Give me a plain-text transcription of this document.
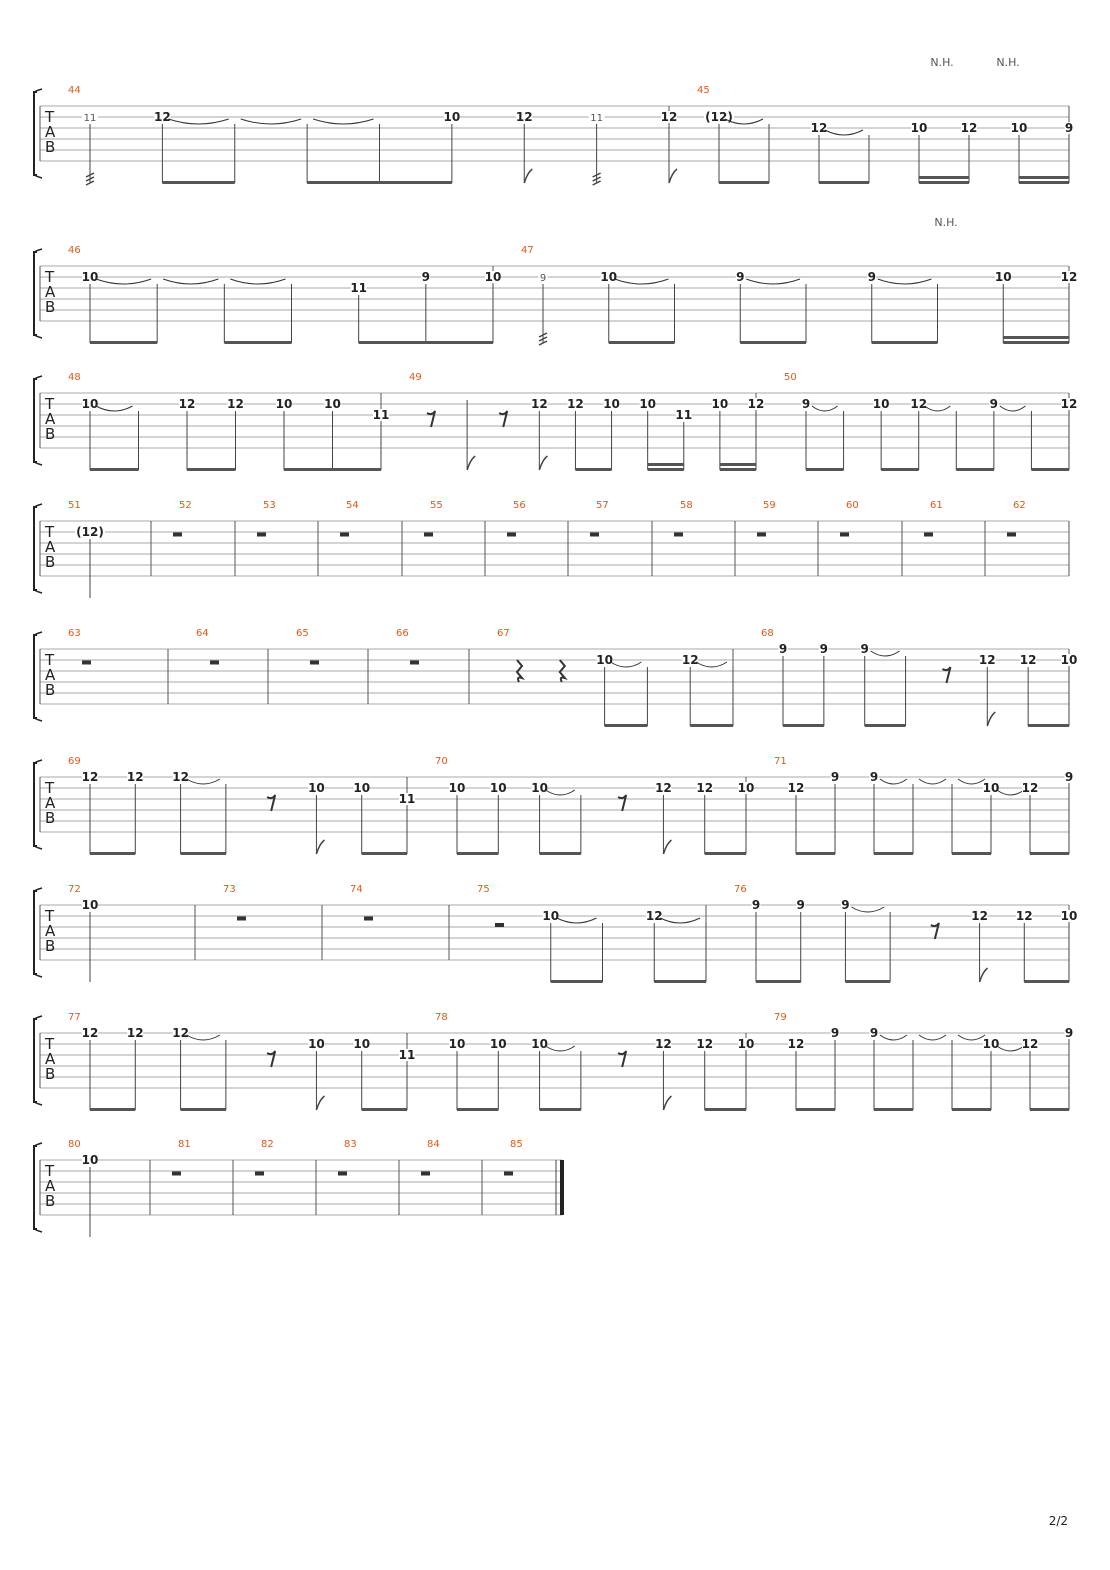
T
A
B
N.H.	N.H.
44
11	12	10	12	11	12
45
(12)
12	10	12	10	9
T
A
B
N.H.
46
10
11
9	10
47
9	10	9	9	10	12
T
A
B
48
10	12	12	10	10
11
49
12 12 10 10
11
10 12
50
9	10 12	9	12
T
A
B
51
(12)
52	53	54	55	56	57	58	59	60	61	62
T
A
B
63	64	65	66	67
10	12
68
9	9	9
12 12 10
T
A
B
69
12 12 12
10 10
11
70
10 10 10	12 12 10
71
12
9	9
10 12
9
T
A
B
72
10
73	74	75
10	12
76
9	9	9
12 12 10
T
A
B
77
12 12 12
10 10
11
78
10 10 10	12 12 10
79
12
9	9
10 12
9
T
A
B
80
10
81	82	83	84	85
2/2
